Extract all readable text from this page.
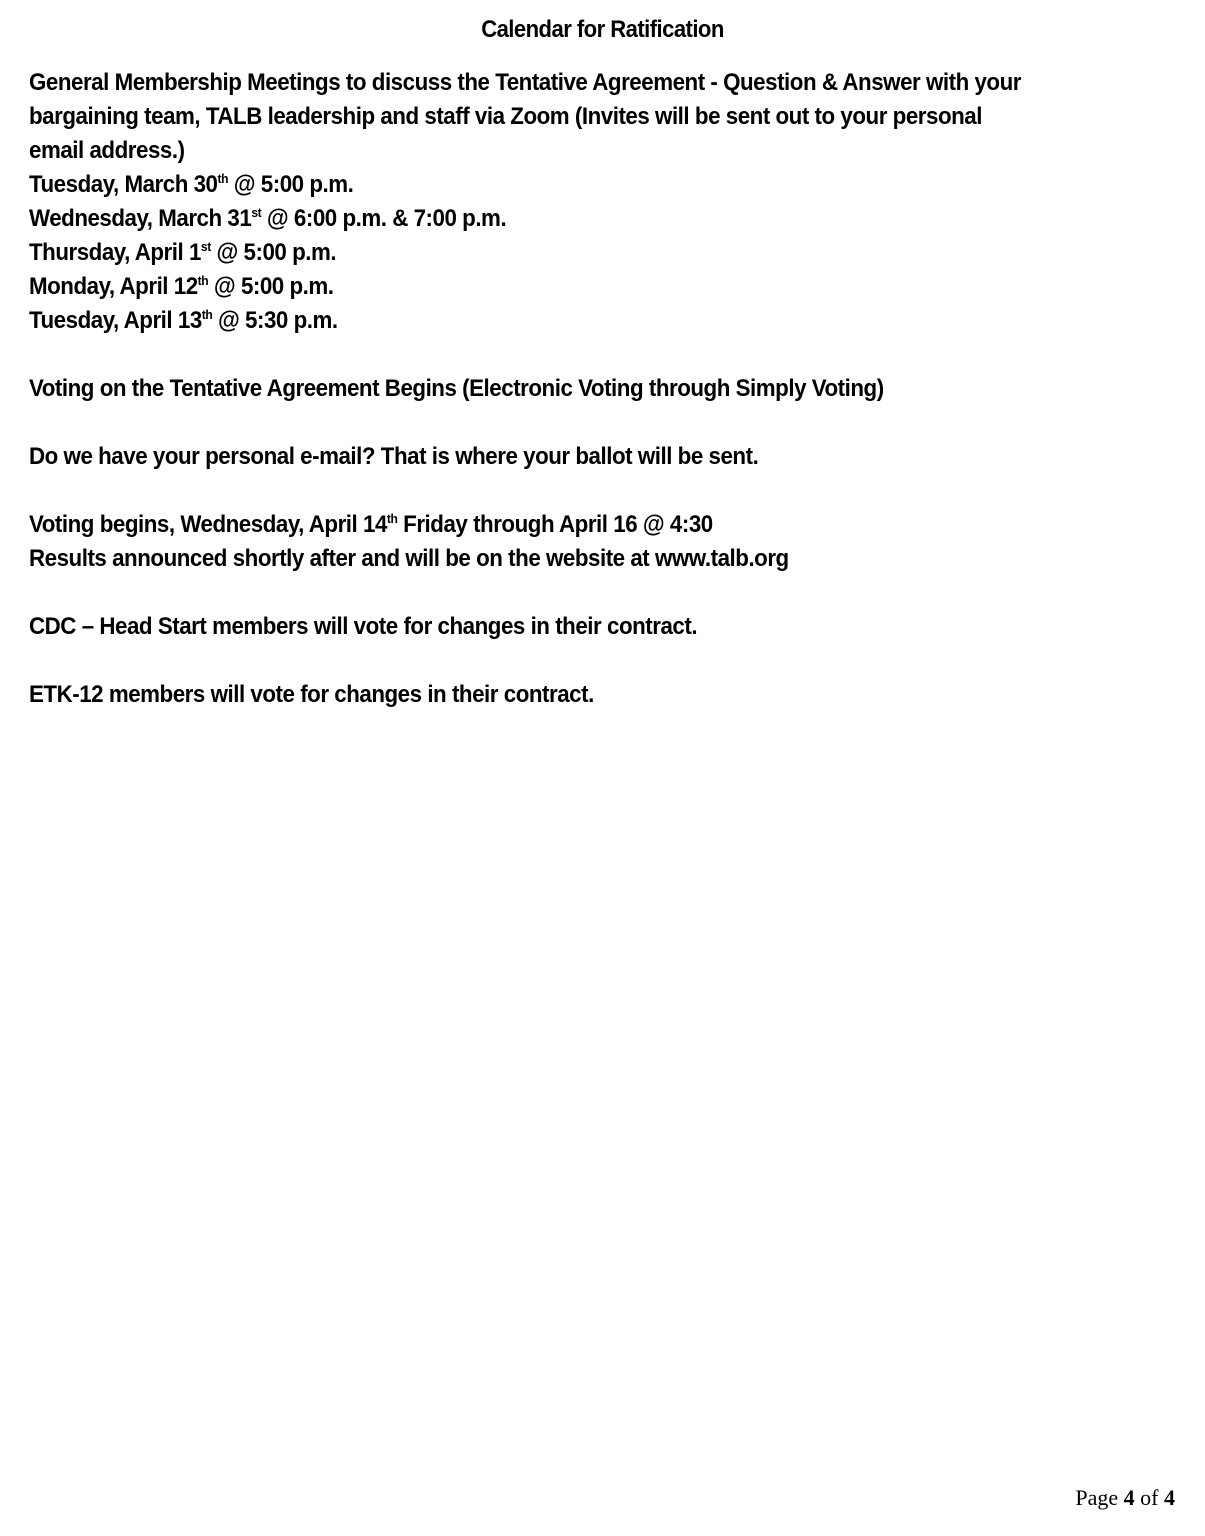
Calendar for Ratification

General Membership Meetings to discuss the Tentative Agreement - Question & Answer with your

bargaining team, TALB leadership and staff via Zoom (Invites will be sent out to your personal

email address.)

Tuesday, March 30th @ 5:00 p.m.

Wednesday, March 31st @ 6:00 p.m. & 7:00 p.m.

Thursday, April 1st @ 5:00 p.m.

Monday, April 12th @ 5:00 p.m.

Tuesday, April 13th @ 5:30 p.m.

Voting on the Tentative Agreement Begins (Electronic Voting through Simply Voting)

Do we have your personal e-mail? That is where your ballot will be sent.

Voting begins, Wednesday, April 14th Friday through April 16 @ 4:30

Results announced shortly after and will be on the website at www.talb.org

CDC – Head Start members will vote for changes in their contract.

ETK-12 members will vote for changes in their contract.

Page 4 of 4
